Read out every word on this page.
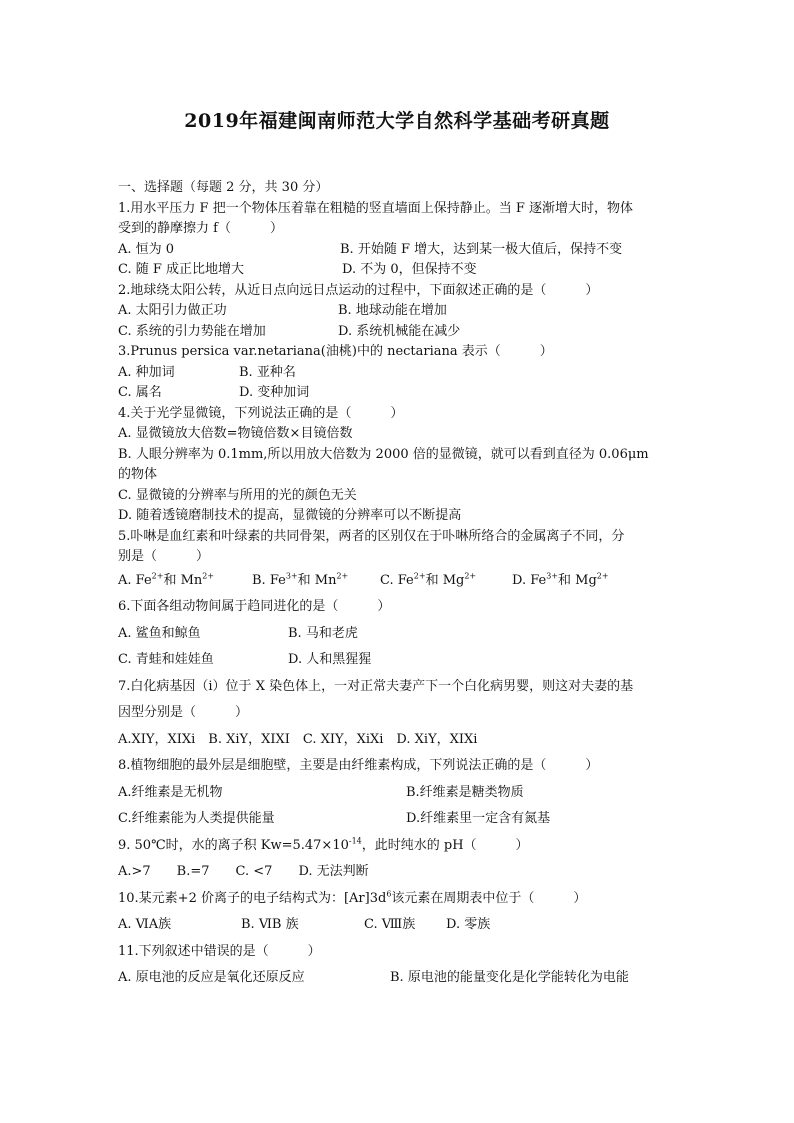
2019年福建闽南师范大学自然科学基础考研真题
一、选择题（每题 2 分，共 30 分）
1.用水平压力 F 把一个物体压着靠在粗糙的竖直墙面上保持静止。当 F 逐渐增大时，物体
受到的静摩擦力 f（　　　）
A. 恒为 0	B. 开始随 F 增大，达到某一极大值后，保持不变
C. 随 F 成正比地增大	D. 不为 0，但保持不变
2.地球绕太阳公转，从近日点向远日点运动的过程中，下面叙述正确的是（　　　）
A. 太阳引力做正功	B. 地球动能在增加
C. 系统的引力势能在增加	D. 系统机械能在减少
3.Prunus persica var.netariana(油桃)中的 nectariana 表示（　　　）
A. 种加词	B. 亚种名
C. 属名	D. 变种加词
4.关于光学显微镜，下列说法正确的是（　　　）
A. 显微镜放大倍数=物镜倍数×目镜倍数
B. 人眼分辨率为 0.1mm,所以用放大倍数为 2000 倍的显微镜，就可以看到直径为 0.06μm
的物体
C. 显微镜的分辨率与所用的光的颜色无关
D. 随着透镜磨制技术的提高，显微镜的分辨率可以不断提高
5.卟啉是血红素和叶绿素的共同骨架，两者的区别仅在于卟啉所络合的金属离子不同，分
别是（　　　）
A. $Fe^{2+}$和 $Mn^{2+}$	B. $Fe^{3+}$和 $Mn^{2+}$ C. $Fe^{2+}$和 $Mg^{2+}$	D. $Fe^{3+}$和 $Mg^{2+}$
6.下面各组动物间属于趋同进化的是（　　　）
A. 鲨鱼和鲸鱼	B. 马和老虎
C. 青蛙和娃娃鱼	D. 人和黑猩猩
7.白化病基因（i）位于 X 染色体上，一对正常夫妻产下一个白化病男婴，则这对夫妻的基
因型分别是（　　　）
A.XIY，XIXi　B. XiY，XIXI　C. XIY，XiXi　D. XiY，XIXi
8.植物细胞的最外层是细胞壁，主要是由纤维素构成，下列说法正确的是（　　　）
A.纤维素是无机物	B.纤维素是糖类物质
C.纤维素能为人类提供能量	D.纤维素里一定含有氮基
9. 50℃时，水的离子积 $Kw=5.47\times 10^{-14}$，此时纯水的 pH（　　　）
A.>7　　B.=7　　C. <7　　D. 无法判断
10.某元素+2 价离子的电子结构式为：$[Ar]3d^6$该元素在周期表中位于（　　　）
A. ⅥA族	B. ⅥB 族	C. Ⅷ族 D. 零族
11.下列叙述中错误的是（　　　）
A. 原电池的反应是氧化还原反应	B. 原电池的能量变化是化学能转化为电能
